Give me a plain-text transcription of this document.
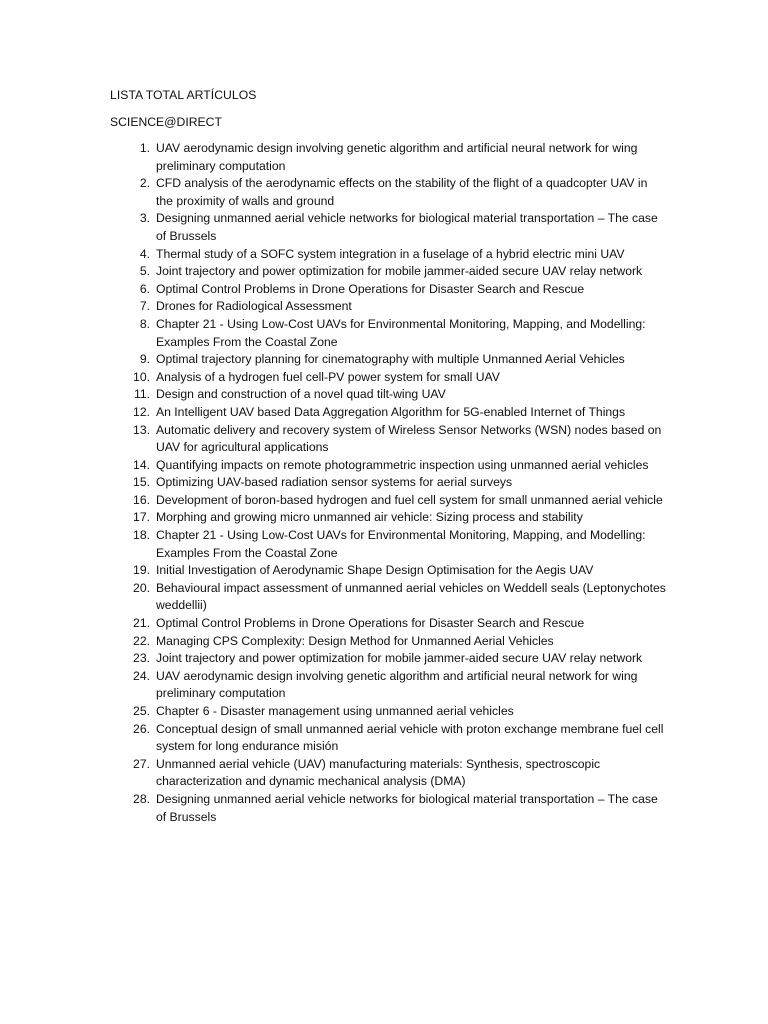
LISTA TOTAL ARTÍCULOS
SCIENCE@DIRECT
1. UAV aerodynamic design involving genetic algorithm and artificial neural network for wing preliminary computation
2. CFD analysis of the aerodynamic effects on the stability of the flight of a quadcopter UAV in the proximity of walls and ground
3. Designing unmanned aerial vehicle networks for biological material transportation – The case of Brussels
4. Thermal study of a SOFC system integration in a fuselage of a hybrid electric mini UAV
5. Joint trajectory and power optimization for mobile jammer-aided secure UAV relay network
6. Optimal Control Problems in Drone Operations for Disaster Search and Rescue
7. Drones for Radiological Assessment
8. Chapter 21 - Using Low-Cost UAVs for Environmental Monitoring, Mapping, and Modelling: Examples From the Coastal Zone
9. Optimal trajectory planning for cinematography with multiple Unmanned Aerial Vehicles
10. Analysis of a hydrogen fuel cell-PV power system for small UAV
11. Design and construction of a novel quad tilt-wing UAV
12. An Intelligent UAV based Data Aggregation Algorithm for 5G-enabled Internet of Things
13. Automatic delivery and recovery system of Wireless Sensor Networks (WSN) nodes based on UAV for agricultural applications
14. Quantifying impacts on remote photogrammetric inspection using unmanned aerial vehicles
15. Optimizing UAV-based radiation sensor systems for aerial surveys
16. Development of boron-based hydrogen and fuel cell system for small unmanned aerial vehicle
17. Morphing and growing micro unmanned air vehicle: Sizing process and stability
18. Chapter 21 - Using Low-Cost UAVs for Environmental Monitoring, Mapping, and Modelling: Examples From the Coastal Zone
19. Initial Investigation of Aerodynamic Shape Design Optimisation for the Aegis UAV
20. Behavioural impact assessment of unmanned aerial vehicles on Weddell seals (Leptonychotes weddellii)
21. Optimal Control Problems in Drone Operations for Disaster Search and Rescue
22. Managing CPS Complexity: Design Method for Unmanned Aerial Vehicles
23. Joint trajectory and power optimization for mobile jammer-aided secure UAV relay network
24. UAV aerodynamic design involving genetic algorithm and artificial neural network for wing preliminary computation
25. Chapter 6 - Disaster management using unmanned aerial vehicles
26. Conceptual design of small unmanned aerial vehicle with proton exchange membrane fuel cell system for long endurance misión
27. Unmanned aerial vehicle (UAV) manufacturing materials: Synthesis, spectroscopic characterization and dynamic mechanical analysis (DMA)
28. Designing unmanned aerial vehicle networks for biological material transportation – The case of Brussels
